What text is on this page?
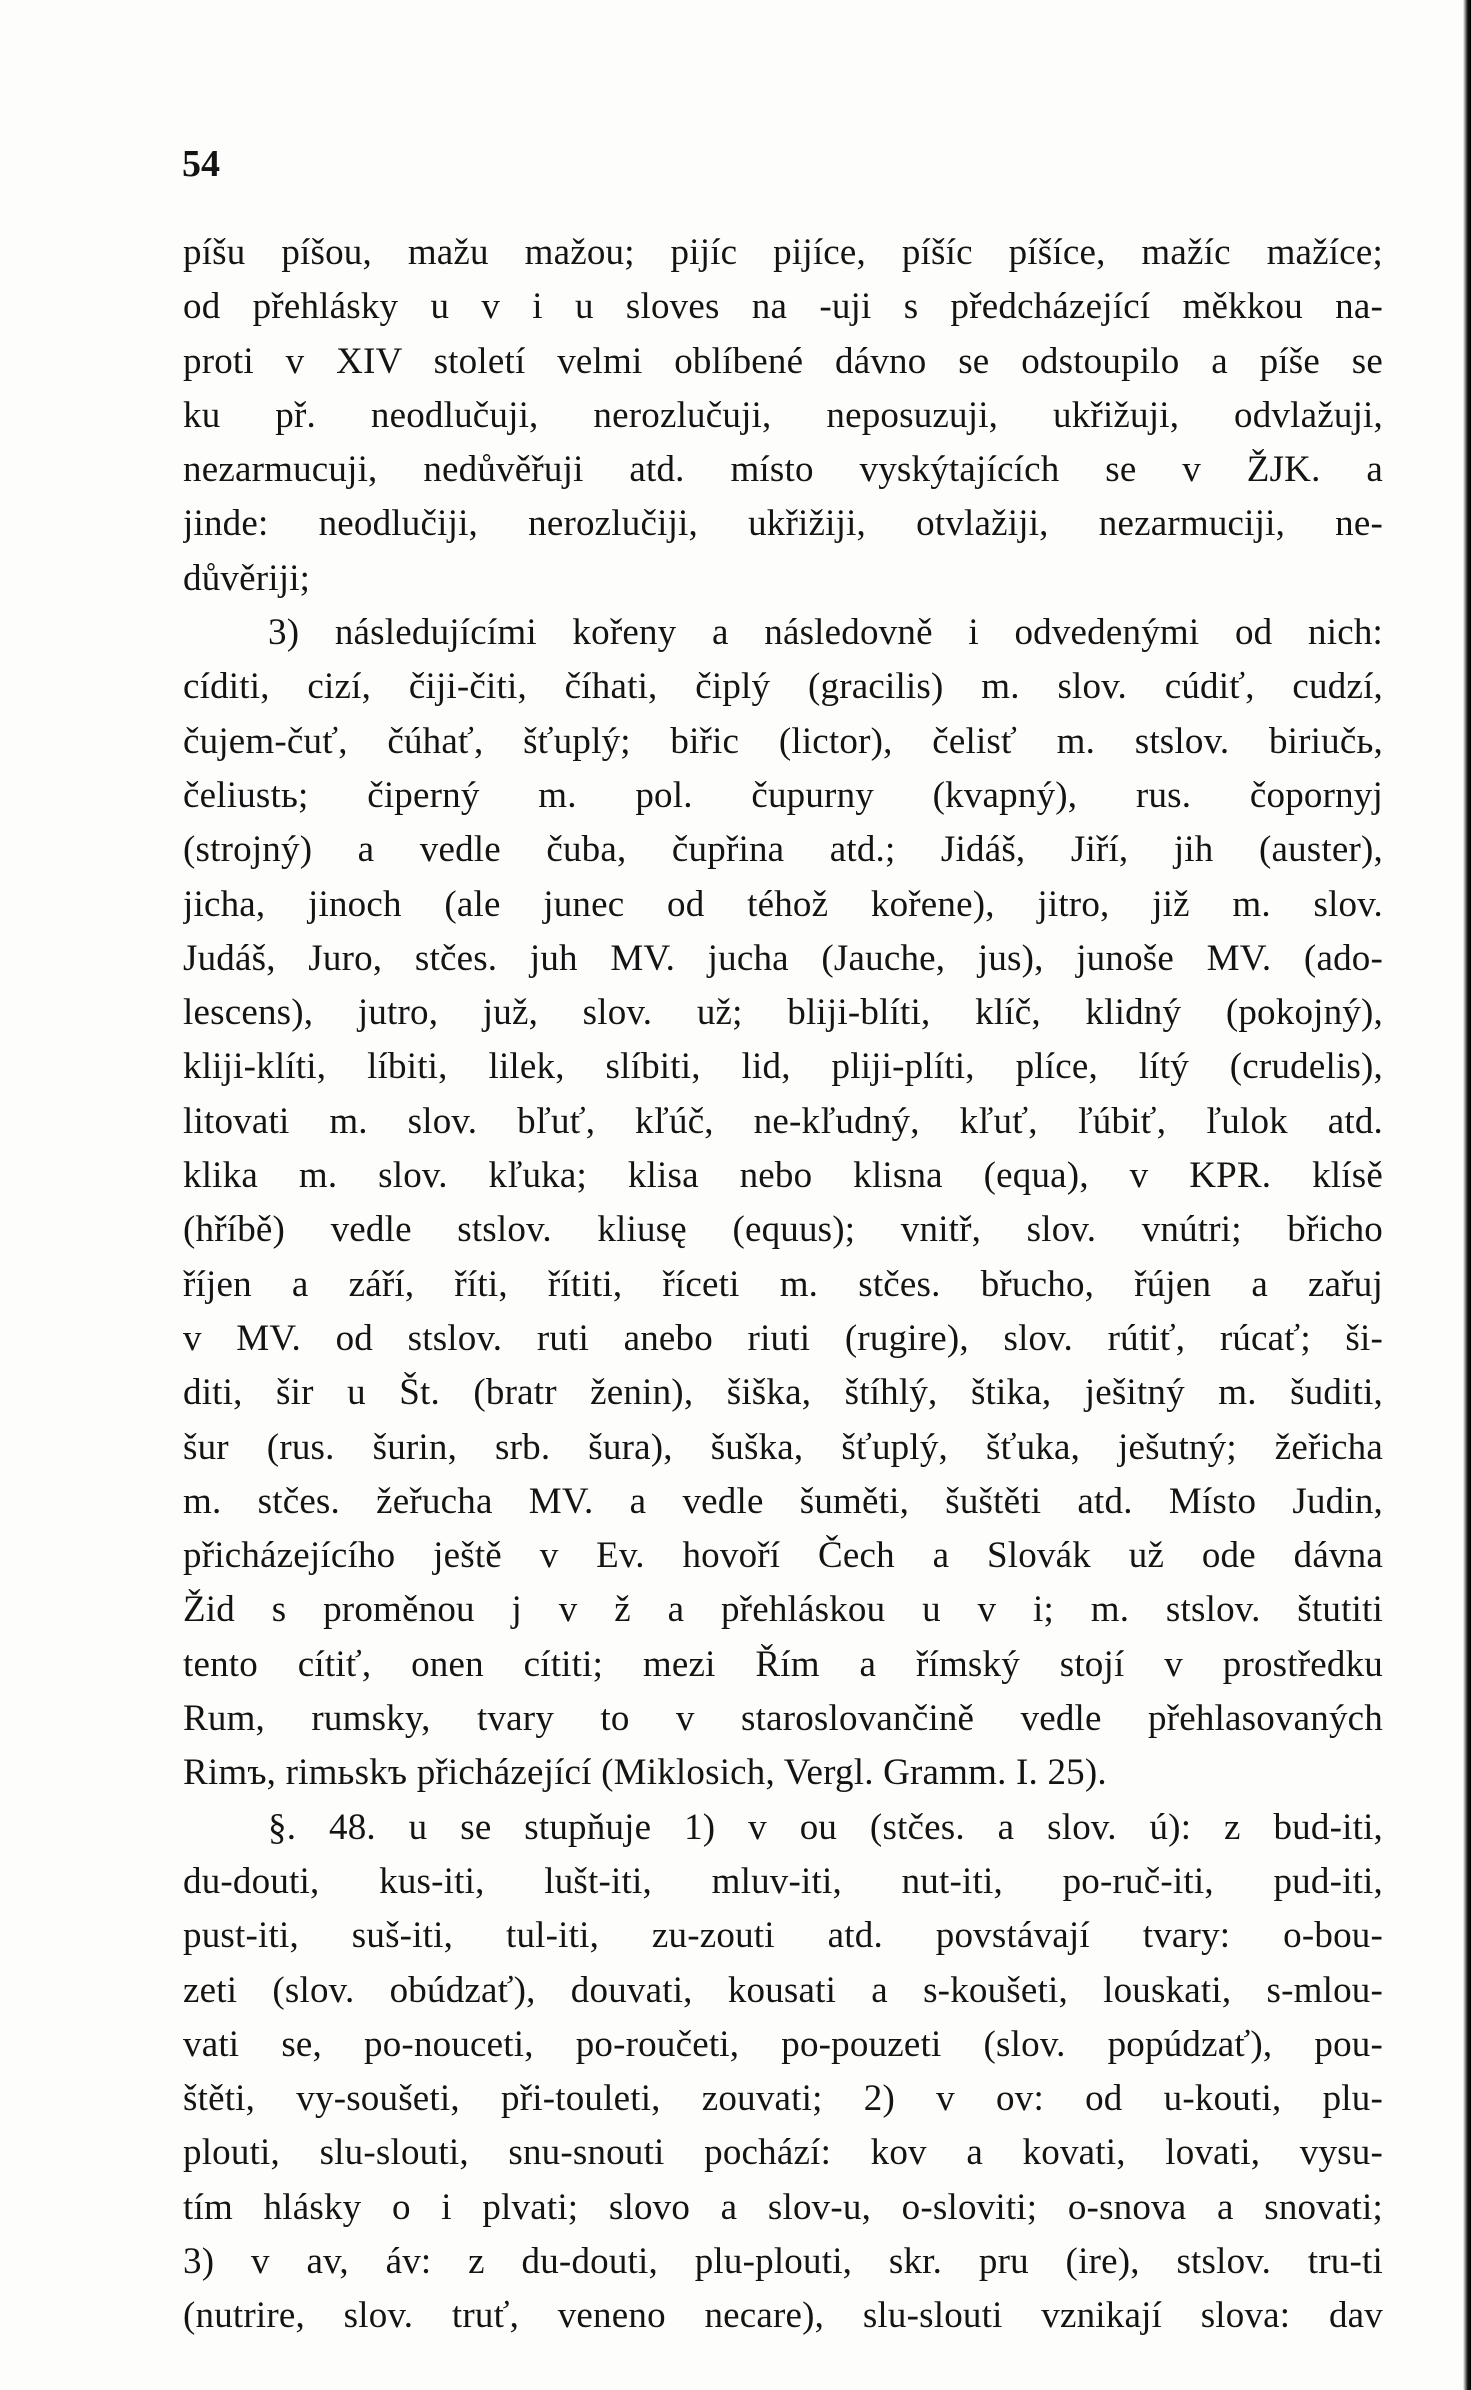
54

píšu píšou, mažu mažou; pijíc pijíce, píšíc píšíce, mažíc mažíce;
od přehlásky u v i u sloves na -uji s předcházející měkkou na-
proti v XIV století velmi oblíbené dávno se odstoupilo a píše se
ku př. neodlučuji, nerozlučuji, neposuzuji, ukřižuji, odvlažuji,
nezarmucuji, nedůvěřuji atd. místo vyskýtajících se v ŽJK. a
jinde: neodlučiji, nerozlučiji, ukřižiji, otvlažiji, nezarmuciji, ne-
důvěriji;
3) následujícími kořeny a následovně i odvedenými od nich:
cíditi, cizí, čiji-čiti, číhati, čiplý (gracilis) m. slov. cúdiť, cudzí,
čujem-čuť, čúhať, šťuplý; biřic (lictor), čelisť m. stslov. biriučь,
čeliustь; čiperný m. pol. čupurny (kvapný), rus. čopornyj
(strojný) a vedle čuba, čupřina atd.; Jidáš, Jiří, jih (auster),
jicha, jinoch (ale junec od téhož kořene), jitro, již m. slov.
Judáš, Juro, stčes. juh MV. jucha (Jauche, jus), junoše MV. (ado-
lescens), jutro, juž, slov. už; bliji-blíti, klíč, klidný (pokojný),
kliji-klíti, líbiti, lilek, slíbiti, lid, pliji-plíti, plíce, lítý (crudelis),
litovati m. slov. bľuť, kľúč, ne-kľudný, kľuť, ľúbiť, ľulok atd.
klika m. slov. kľuka; klisa nebo klisna (equa), v KPR. klísě
(hříbě) vedle stslov. kliusę (equus); vnitř, slov. vnútri; břicho
říjen a září, říti, řítiti, říceti m. stčes. břucho, řújen a zařuj
v MV. od stslov. ruti anebo riuti (rugire), slov. rútiť, rúcať; ši-
diti, šir u Št. (bratr ženin), šiška, štíhlý, štika, ješitný m. šuditi,
šur (rus. šurin, srb. šura), šuška, šťuplý, šťuka, ješutný; žeřicha
m. stčes. žeřucha MV. a vedle šuměti, šuštěti atd. Místo Judin,
přicházejícího ještě v Ev. hovoří Čech a Slovák už ode dávna
Žid s proměnou j v ž a přehláskou u v i; m. stslov. štutiti
tento cítiť, onen cítiti; mezi Řím a římský stojí v prostředku
Rum, rumsky, tvary to v staroslovančině vedle přehlasovaných
Rimъ, rimьskъ přicházející (Miklosich, Vergl. Gramm. I. 25).
§. 48. u se stupňuje 1) v ou (stčes. a slov. ú): z bud-iti,
du-douti, kus-iti, lušt-iti, mluv-iti, nut-iti, po-ruč-iti, pud-iti,
pust-iti, suš-iti, tul-iti, zu-zouti atd. povstávají tvary: o-bou-
zeti (slov. obúdzať), douvati, kousati a s-koušeti, louskati, s-mlou-
vati se, po-nouceti, po-roučeti, po-pouzeti (slov. popúdzať), pou-
štěti, vy-soušeti, při-touleti, zouvati; 2) v ov: od u-kouti, plu-
plouti, slu-slouti, snu-snouti pochází: kov a kovati, lovati, vysu-
tím hlásky o i plvati; slovo a slov-u, o-sloviti; o-snova a snovati;
3) v av, áv: z du-douti, plu-plouti, skr. pru (ire), stslov. tru-ti
(nutrire, slov. truť, veneno necare), slu-slouti vznikají slova: dav
